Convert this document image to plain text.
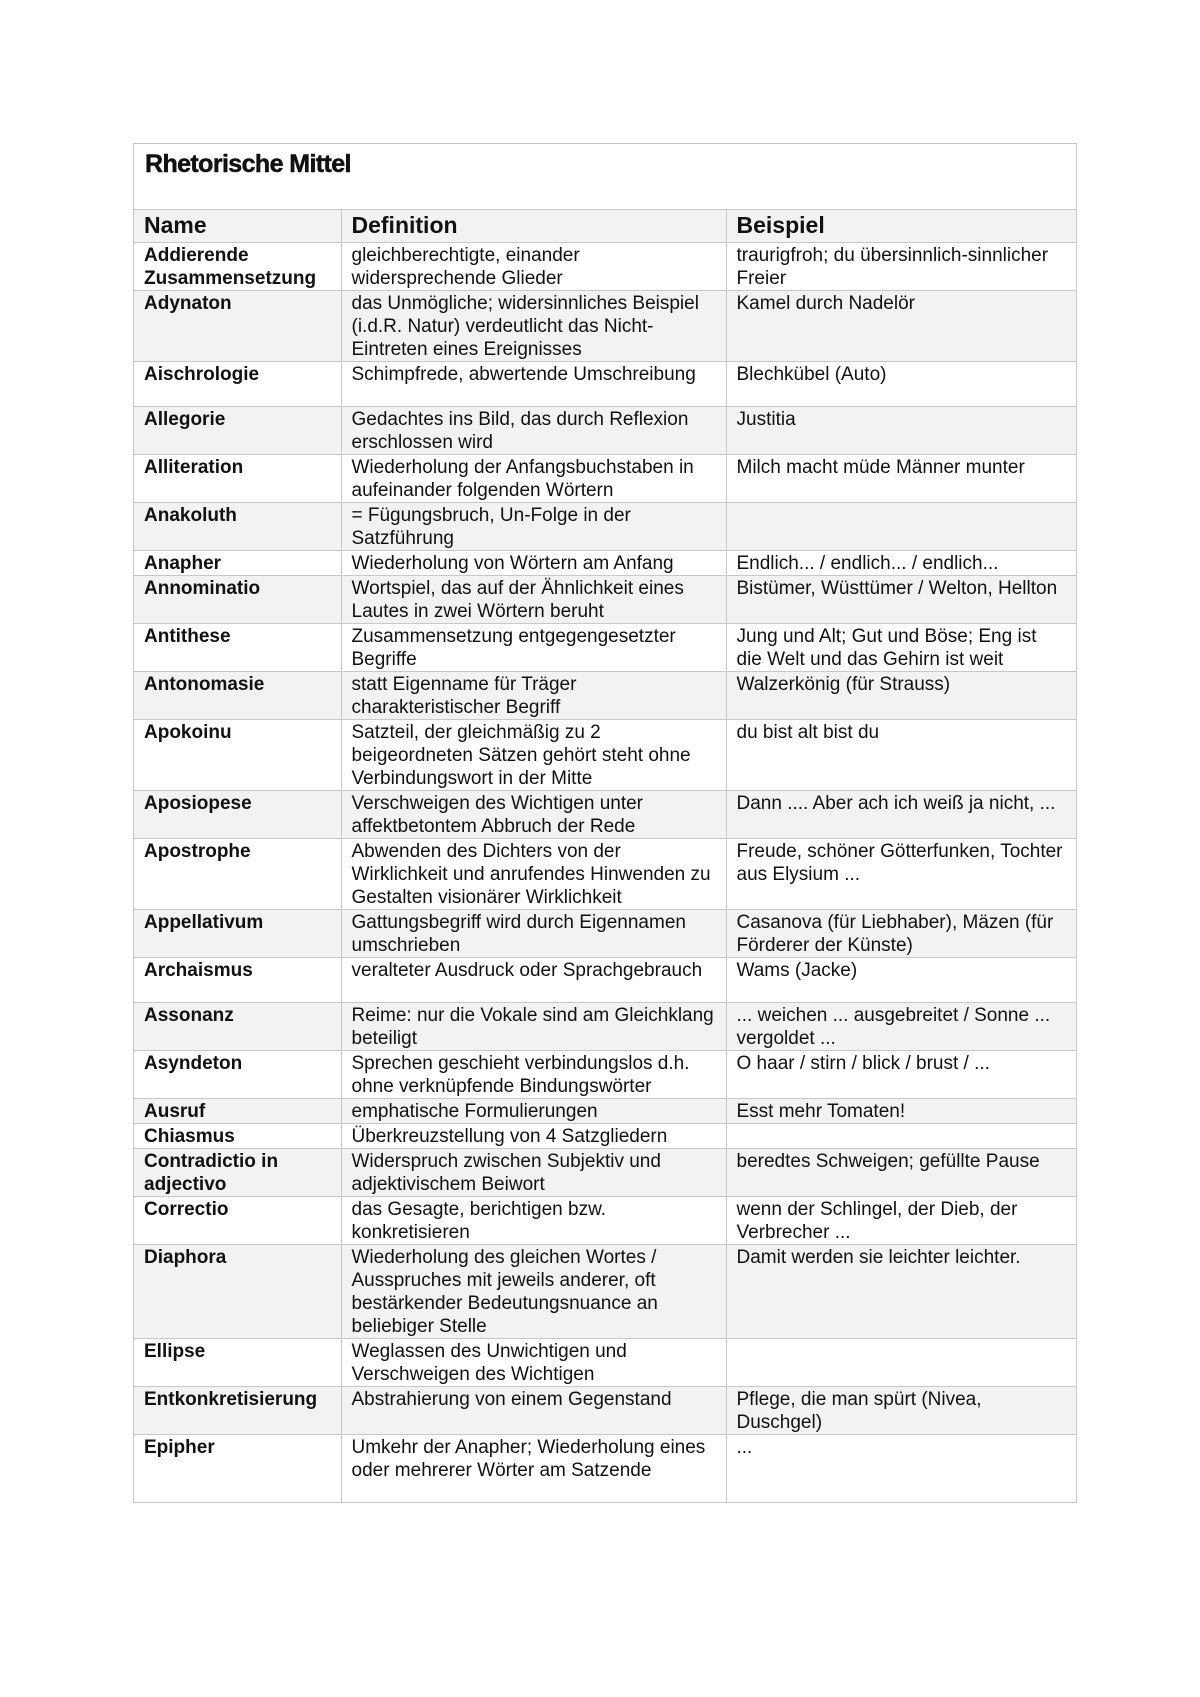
Rhetorische Mittel
Name	Definition	Beispiel
Addierende Zusammensetzung	gleichberechtigte, einander widersprechende Glieder	traurigfroh; du übersinnlich-sinnlicher Freier
Adynaton	das Unmögliche; widersinnliches Beispiel (i.d.R. Natur) verdeutlicht das Nicht-Eintreten eines Ereignisses	Kamel durch Nadelör
Aischrologie	Schimpfrede, abwertende Umschreibung	Blechkübel (Auto)
Allegorie	Gedachtes ins Bild, das durch Reflexion erschlossen wird	Justitia
Alliteration	Wiederholung der Anfangsbuchstaben in aufeinander folgenden Wörtern	Milch macht müde Männer munter
Anakoluth	= Fügungsbruch, Un-Folge in der Satzführung	
Anapher	Wiederholung von Wörtern am Anfang	Endlich... / endlich... / endlich...
Annominatio	Wortspiel, das auf der Ähnlichkeit eines Lautes in zwei Wörtern beruht	Bistümer, Wüsttümer / Welton, Hellton
Antithese	Zusammensetzung entgegengesetzter Begriffe	Jung und Alt; Gut und Böse; Eng ist die Welt und das Gehirn ist weit
Antonomasie	statt Eigenname für Träger charakteristischer Begriff	Walzerkönig (für Strauss)
Apokoinu	Satzteil, der gleichmäßig zu 2 beigeordneten Sätzen gehört steht ohne Verbindungswort in der Mitte	du bist alt bist du
Aposiopese	Verschweigen des Wichtigen unter affektbetontem Abbruch der Rede	Dann .... Aber ach ich weiß ja nicht, ...
Apostrophe	Abwenden des Dichters von der Wirklichkeit und anrufendes Hinwenden zu Gestalten visionärer Wirklichkeit	Freude, schöner Götterfunken, Tochter aus Elysium ...
Appellativum	Gattungsbegriff wird durch Eigennamen umschrieben	Casanova (für Liebhaber), Mäzen (für Förderer der Künste)
Archaismus	veralteter Ausdruck oder Sprachgebrauch	Wams (Jacke)
Assonanz	Reime: nur die Vokale sind am Gleichklang beteiligt	... weichen ... ausgebreitet / Sonne ... vergoldet ...
Asyndeton	Sprechen geschieht verbindungslos d.h. ohne verknüpfende Bindungswörter	O haar / stirn / blick / brust / ...
Ausruf	emphatische Formulierungen	Esst mehr Tomaten!
Chiasmus	Überkreuzstellung von 4 Satzgliedern	
Contradictio in adjectivo	Widerspruch zwischen Subjektiv und adjektivischem Beiwort	beredtes Schweigen; gefüllte Pause
Correctio	das Gesagte, berichtigen bzw. konkretisieren	wenn der Schlingel, der Dieb, der Verbrecher ...
Diaphora	Wiederholung des gleichen Wortes / Ausspruches mit jeweils anderer, oft bestärkender Bedeutungsnuance an beliebiger Stelle	Damit werden sie leichter leichter.
Ellipse	Weglassen des Unwichtigen und Verschweigen des Wichtigen	
Entkonkretisierung	Abstrahierung von einem Gegenstand	Pflege, die man spürt (Nivea, Duschgel)
Epipher	Umkehr der Anapher; Wiederholung eines oder mehrerer Wörter am Satzende	...
